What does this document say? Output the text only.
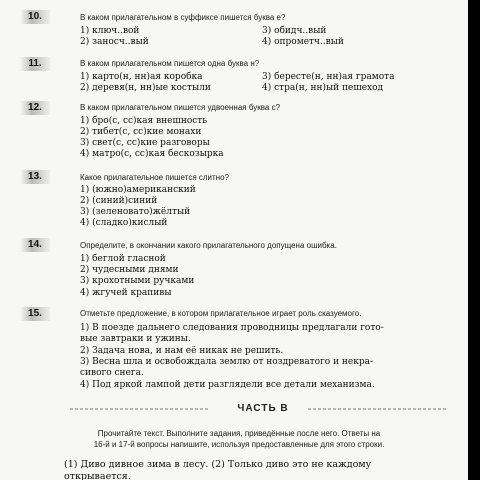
10.	В каком прилагательном в суффиксе пишется буква е?
1) ключ..вой	3) обидч..вый
2) заносч..вый	4) опрометч..вый
11.	В каком прилагательном пишется одна буква н?
1) карто(н, нн)ая коробка	3) бересте(н, нн)ая грамота
2) деревя(н, нн)ые костыли	4) стра(н, нн)ый пешеход
12.	В каком прилагательном пишется удвоенная буква с?
1) бро(с, сс)кая внешность
2) тибет(с, сс)кие монахи
3) свет(с, сс)кие разговоры
4) матро(с, сс)кая бескозырка
13.	Какое прилагательное пишется слитно?
1) (южно)американский
2) (синий)синий
3) (зеленовато)жёлтый
4) (сладко)кислый
14.	Определите, в окончании какого прилагательного допущена ошибка.
1) беглой гласной
2) чудесными днями
3) крохотными ручками
4) жгучей крапивы
15.	Отметьте предложение, в котором прилагательное играет роль сказуемого.
1) В поезде дальнего следования проводницы предлагали гото-
вые завтраки и ужины.
2) Задача нова, и нам её никак не решить.
3) Весна шла и освобождала землю от ноздреватого и некра-
сивого снега.
4) Под яркой лампой дети разглядели все детали механизма.
ЧАСТЬ В
Прочитайте текст. Выполните задания, приведённые после него. Ответы на
16-й и 17-й вопросы напишите, используя предоставленные для этого строки.
(1) Диво дивное зима в лесу. (2) Только диво это не каждому
открывается.
